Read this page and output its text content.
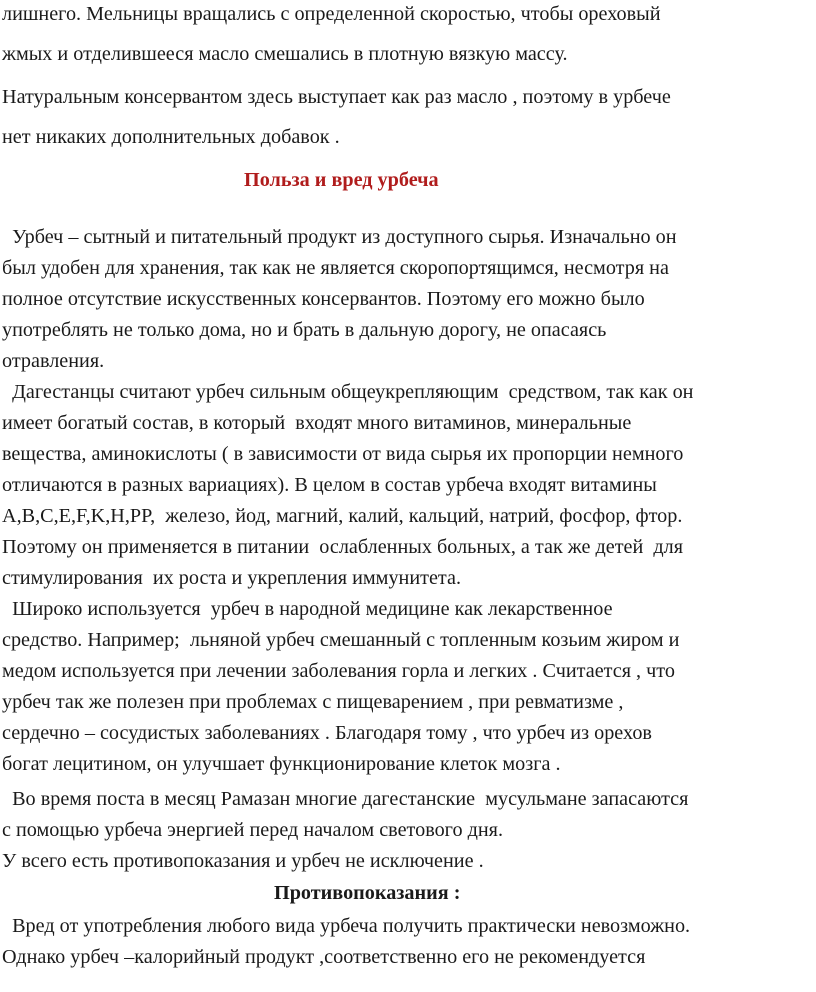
лишнего. Мельницы вращались с определенной скоростью, чтобы ореховый
жмых и отделившееся масло смешались в плотную вязкую массу.
Натуральным консервантом здесь выступает как раз масло , поэтому в урбече
нет никаких дополнительных добавок .
Польза и вред урбеча
Урбеч – сытный и питательный продукт из доступного сырья. Изначально он
был удобен для хранения, так как не является скоропортящимся, несмотря на
полное отсутствие искусственных консервантов. Поэтому его можно было
употреблять не только дома, но и брать в дальную дорогу, не опасаясь
отравления.
Дагестанцы считают урбеч сильным общеукрепляющим  средством, так как он
имеет богатый состав, в который  входят много витаминов, минеральные
вещества, аминокислоты ( в зависимости от вида сырья их пропорции немного
отличаются в разных вариациях). В целом в состав урбеча входят витамины
А,В,С,Е,F,K,H,PP,  железо, йод, магний, калий, кальций, натрий, фосфор, фтор.
Поэтому он применяется в питании  ослабленных больных, а так же детей  для
стимулирования  их роста и укрепления иммунитета.
Широко используется  урбеч в народной медицине как лекарственное
средство. Например;  льняной урбеч смешанный с топленным козьим жиром и
медом используется при лечении заболевания горла и легких . Считается , что
урбеч так же полезен при проблемах с пищеварением , при ревматизме ,
сердечно – сосудистых заболеваниях . Благодаря тому , что урбеч из орехов
богат лецитином, он улучшает функционирование клеток мозга .
Во время поста в месяц Рамазан многие дагестанские  мусульмане запасаются
с помощью урбеча энергией перед началом светового дня.
У всего есть противопоказания и урбеч не исключение .
Противопоказания :
Вред от употребления любого вида урбеча получить практически невозможно.
Однако урбеч –калорийный продукт ,соответственно его не рекомендуется
